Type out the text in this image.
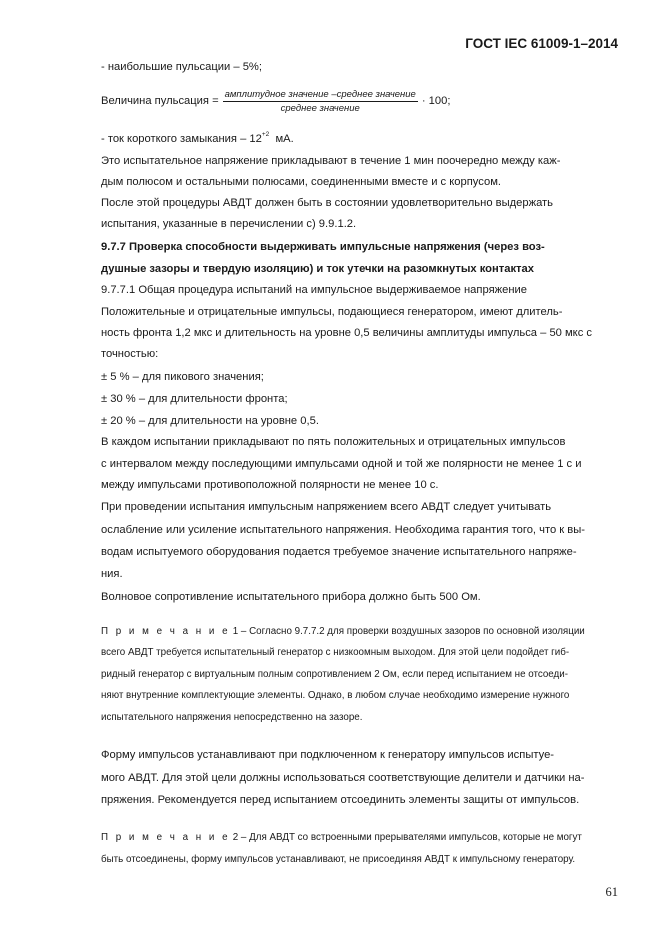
ГОСТ IEC 61009-1–2014

- наибольшие пульсации – 5%;

Величина пульсация = $\frac{\text{амплитудное значение –среднее значение}}{\text{среднее значение}} \cdot 100$;

- ток короткого замыкания – $12^{+2}$ мА.

Это испытательное напряжение прикладывают в течение 1 мин поочередно между каж-
дым полюсом и остальными полюсами, соединенными вместе и с корпусом.

После этой процедуры АВДТ должен быть в состоянии удовлетворительно выдержать
испытания, указанные в перечислении с) 9.9.1.2.

9.7.7 Проверка способности выдерживать импульсные напряжения (через воз-
душные зазоры и твердую изоляцию) и ток утечки на разомкнутых контактах

9.7.7.1 Общая процедура испытаний на импульсное выдерживаемое напряжение

Положительные и отрицательные импульсы, подающиеся генератором, имеют длитель-
ность фронта 1,2 мкс и длительность на уровне 0,5 величины амплитуды импульса – 50 мкс с
точностью:

± 5 % – для пикового значения;

± 30 % – для длительности фронта;

± 20 % – для длительности на уровне 0,5.

В каждом испытании прикладывают по пять положительных и отрицательных импульсов
с интервалом между последующими импульсами одной и той же полярности не менее 1 с и
между импульсами противоположной полярности не менее 10 с.

При проведении испытания импульсным напряжением всего АВДТ следует учитывать
ослабление или усиление испытательного напряжения. Необходима гарантия того, что к вы-
водам испытуемого оборудования подается требуемое значение испытательного напряже-
ния.

Волновое сопротивление испытательного прибора должно быть 500 Ом.

П р и м е ч а н и е 1 – Согласно 9.7.7.2 для проверки воздушных зазоров по основной изоляции
всего АВДТ требуется испытательный генератор с низкоомным выходом. Для этой цели подойдет гиб-
ридный генератор с виртуальным полным сопротивлением 2 Ом, если перед испытанием не отсоеди-
няют внутренние комплектующие элементы. Однако, в любом случае необходимо измерение нужного
испытательного напряжения непосредственно на зазоре.

Форму импульсов устанавливают при подключенном к генератору импульсов испытуе-
мого АВДТ. Для этой цели должны использоваться соответствующие делители и датчики на-
пряжения. Рекомендуется перед испытанием отсоединить элементы защиты от импульсов.

П р и м е ч а н и е 2 – Для АВДТ со встроенными прерывателями импульсов, которые не могут
быть отсоединены, форму импульсов устанавливают, не присоединяя АВДТ к импульсному генератору.

61
